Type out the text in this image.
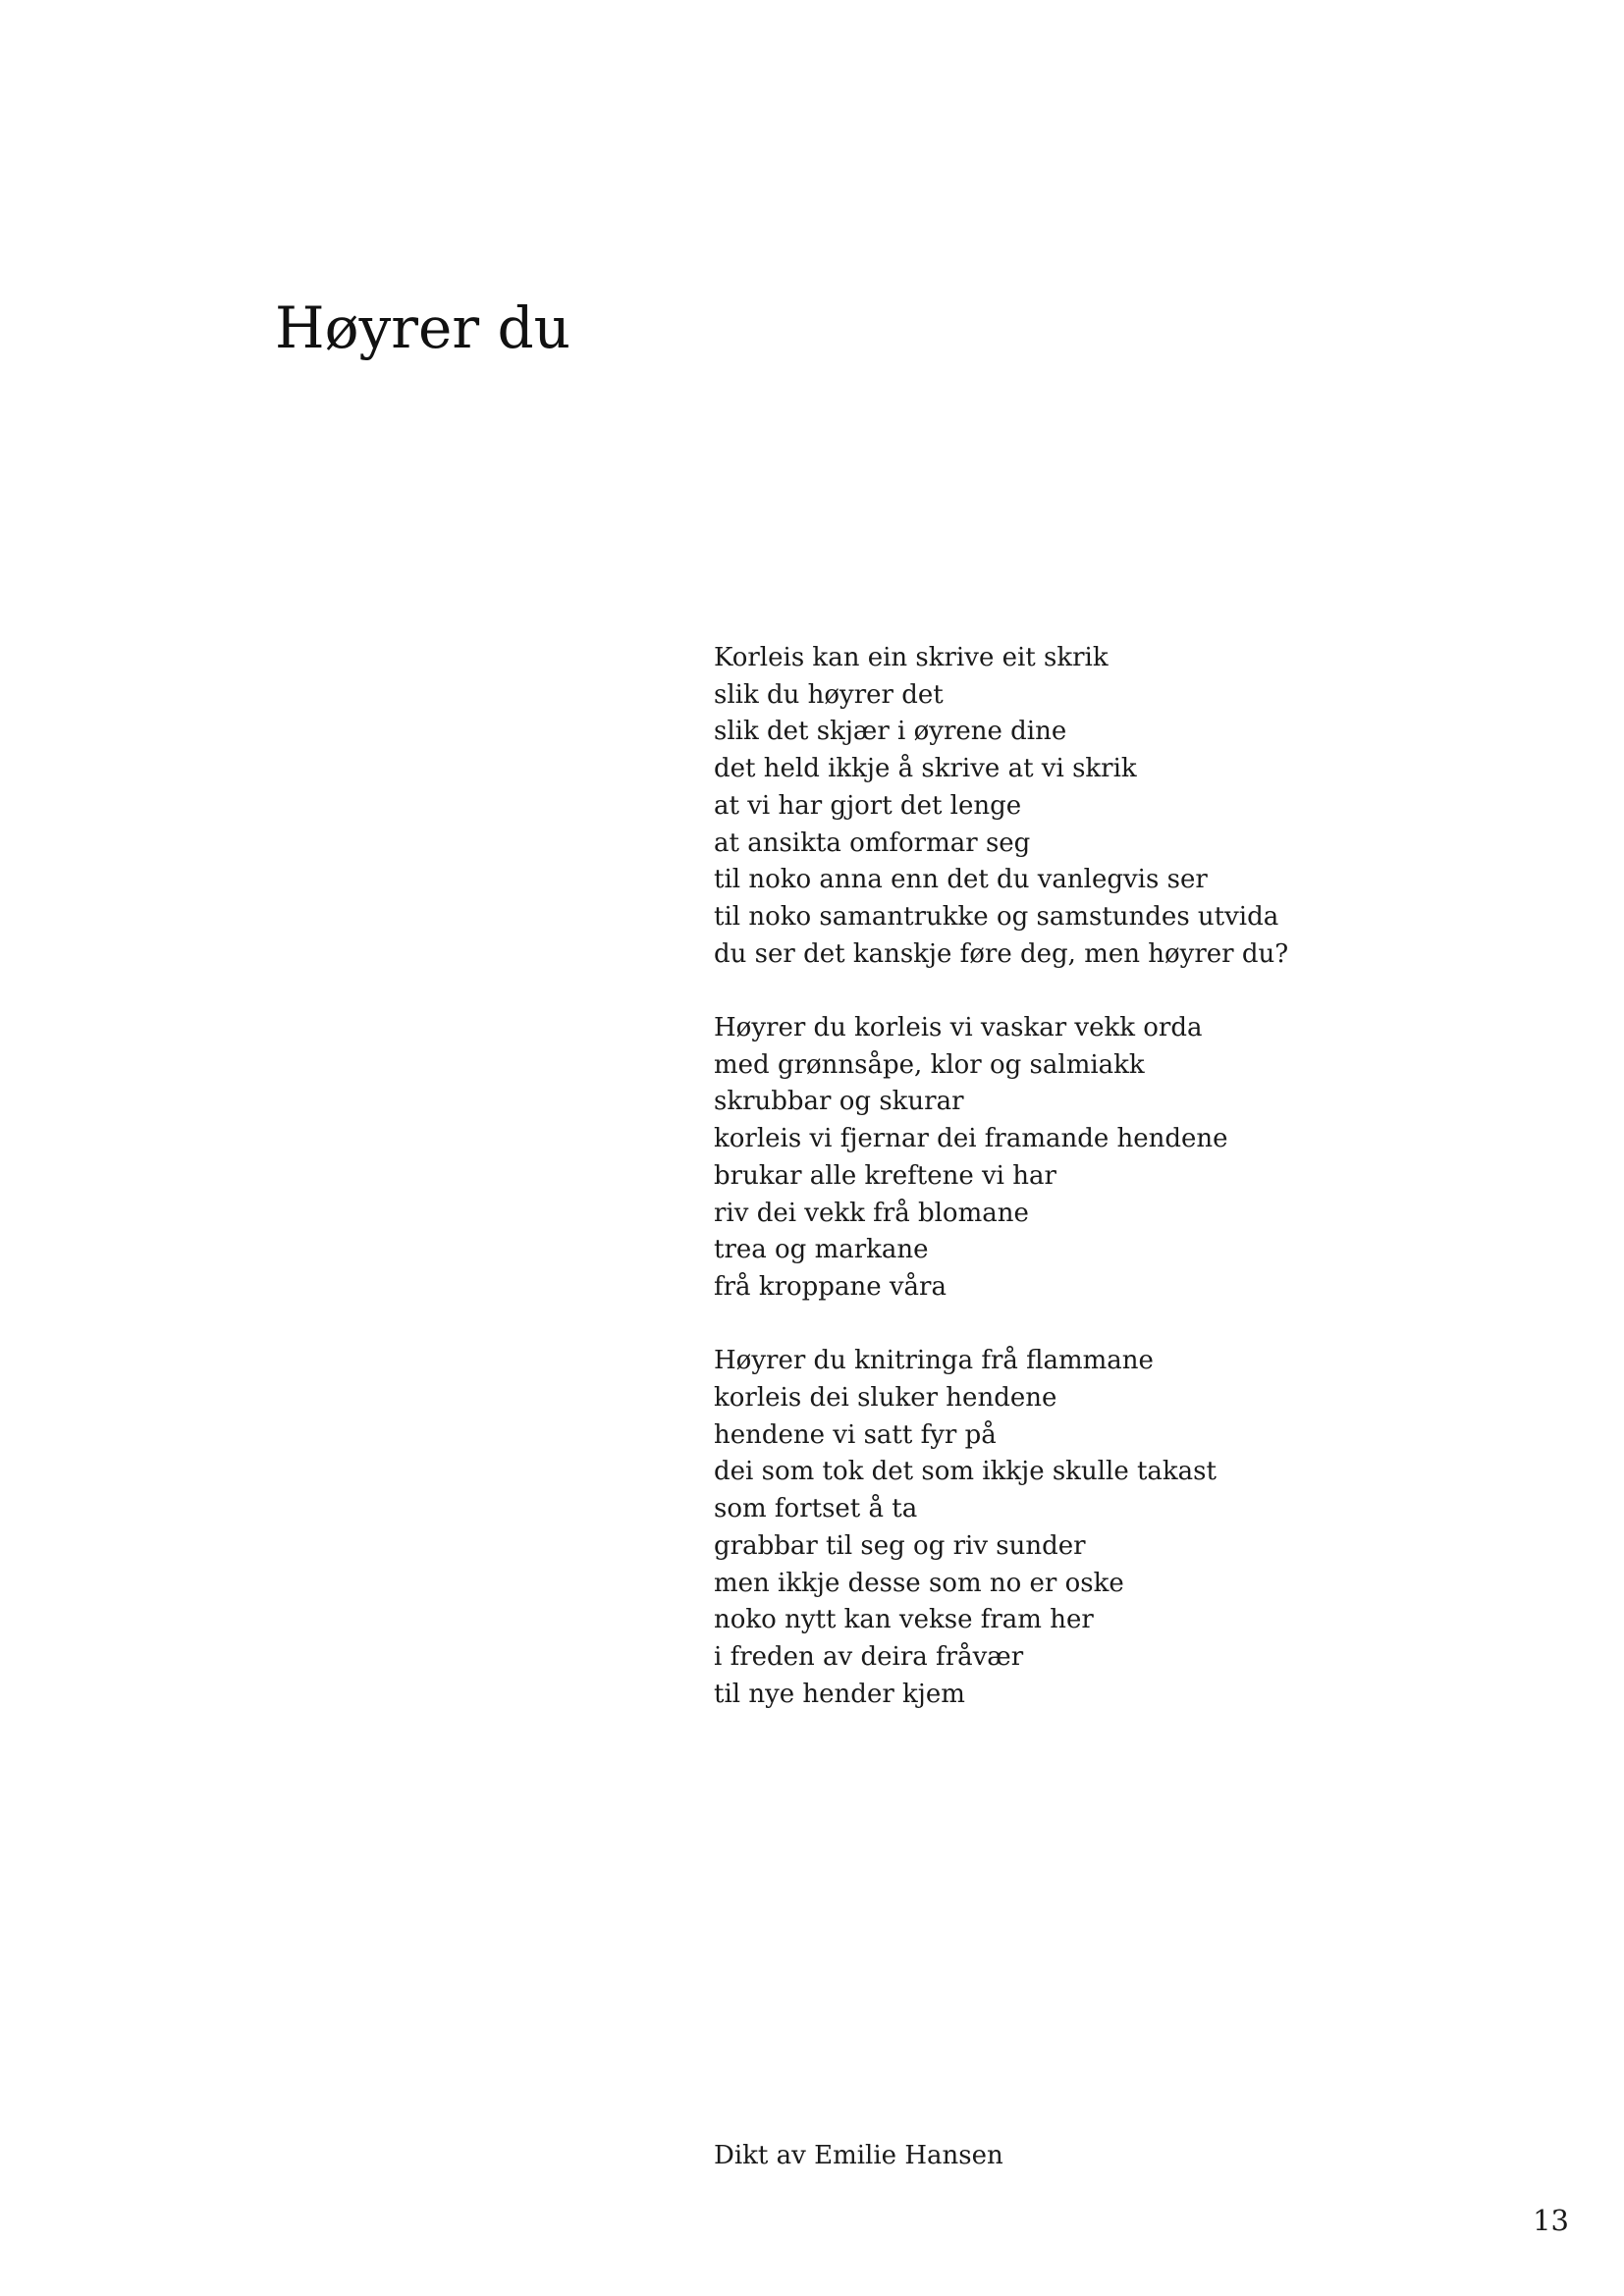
Høyrer du
Korleis kan ein skrive eit skrik
slik du høyrer det
slik det skjær i øyrene dine
det held ikkje å skrive at vi skrik
at vi har gjort det lenge
at ansikta omformar seg
til noko anna enn det du vanlegvis ser
til noko samantrukke og samstundes utvida
du ser det kanskje føre deg, men høyrer du?
Høyrer du korleis vi vaskar vekk orda
med grønnsåpe, klor og salmiakk
skrubbar og skurar
korleis vi fjernar dei framande hendene
brukar alle kreftene vi har
riv dei vekk frå blomane
trea og markane
frå kroppane våra
Høyrer du knitringa frå flammane
korleis dei sluker hendene
hendene vi satt fyr på
dei som tok det som ikkje skulle takast
som fortset å ta
grabbar til seg og riv sunder
men ikkje desse som no er oske
noko nytt kan vekse fram her
i freden av deira fråvær
til nye hender kjem
Dikt av Emilie Hansen
13
